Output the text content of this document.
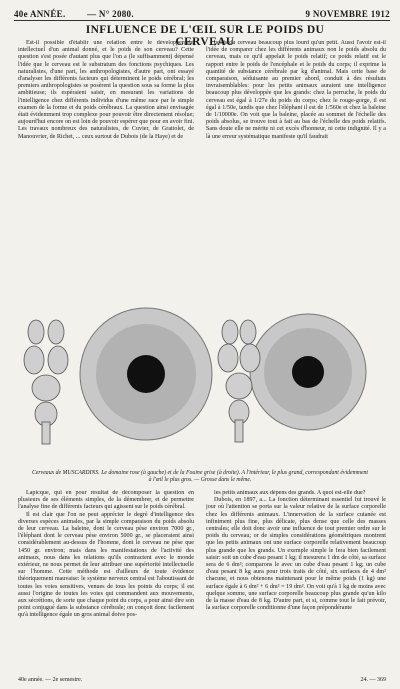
40e ANNÉE. — N° 2080.	9 NOVEMBRE 1912
INFLUENCE DE L'ŒIL SUR LE POIDS DU CERVEAU

Est-il possible d'établir une relation entre le développement intellectuel d'un animal donné, et le poids de son cerveau? Cette question s'est posée d'autant plus que l'on a (le suffisamment) dépensé l'idée que le cerveau est le substratum des fonctions psychiques. Les naturalistes, d'une part, les anthropologistes, d'autre part, ont essayé d'analyser les différents facteurs qui déterminent le poids cérébral; les premiers anthropologistes se posèrent la question sous sa forme la plus ambitieuse; ils espéraient saisir, en mesurant les variations de l'intelligence chez différents individus d'une même race par le simple examen de la forme et du poids cérébraux. La question ainsi envisagée était évidemment trop complexe pour pouvoir être directement résolue; aujourd'hui encore on est loin de pouvoir espérer que pour en avoir fini. Les travaux nombreux des naturalistes, de Cuvier, de Gratiolet, de Manouvrier, de Richet, ... ceux surtout de Dubois (de la Haye) et de

poids du cerveau beaucoup plus lourd qu'un petit. Aussi l'avoir est-il l'idée de comparer chez les différents animaux non le poids absolu du cerveau, mais ce qu'il appelait le poids relatif; ce poids relatif est le rapport entre le poids de l'encéphale et le poids du corps; il exprime la quantité de substance cérébrale par kg d'animal. Mais cette base de comparaison, séduisante au premier abord, conduit à des résultats invraisemblables: pour les petits animaux auraient une intelligence beaucoup plus développée que les grands: chez la perruche, le poids du cerveau est égal à 1/27e du poids du corps; chez le rouge-gorge, il est égal à 1/50e, tandis que chez l'éléphant il est de 1/560e et chez la baleine de 1/10000e. On voit que la baleine, placée au sommet de l'échelle des poids absolus, se trouve tout à fait au bas de l'échelle des poids relatifs. Sans doute elle ne mérite ni cet excès d'honneur, ni cette indignité. Il y a là une erreur systématique manifeste qu'il faudrait

Cerveaux de MUSCARDINS. Le domaine rose (à gauche) et de la Fouine grise (à droite). A l'intérieur, le plus grand, correspondant évidemment à l'œil le plus gros. — Grosse dans le même.

Lapicque, qui en pour résultat de décomposer la question en plusieurs de ses éléments simples, de la démembrer, et de permettre l'analyse fine de différents facteurs qui agissent sur le poids cérébral.

Il est clair que l'on ne peut apprécier le degré d'intelligence des diverses espèces animales, par la simple comparaison du poids absolu de leur cerveau. La baleine, dont le cerveau pèse environ 7000 gr., l'éléphant dont le cerveau pèse environ 5000 gr., se placeraient ainsi considérablement au-dessus de l'homme, dont le cerveau ne pèse que 1450 gr. environ; mais dans les manifestations de l'activité des animaux, nous dans les relations qu'ils contractent avec le monde extérieur, ne nous permet de leur attribuer une supériorité intellectuelle sur l'homme. Cette méthode est d'ailleurs de toute évidence théoriquement mauvaise: le système nerveux central est l'aboutissant de toutes les voies sensitives, venues de tous les points du corps; il est aussi l'origine de toutes les voies qui commandent aux mouvements, aux sécrétions, de sorte que chaque point du corps, a pour ainsi dire son point conjugué dans la substance cérébrale; on conçoit donc facilement qu'à intelligence égale un gros animal doive pos-

les petits animaux aux dépens des grands. A quoi est-elle due?

Dubois, en 1897, a... La fonction déterminant essentiel fut trouvé le jour où l'attention se porta sur la valeur relative de la surface corporelle chez les différents animaux. L'innervation de la surface cutanée est infiniment plus fine, plus délicate, plus dense que celle des masses centrales; elle doit donc avoir une influence de tout premier ordre sur le poids du cerveau; or de simples considérations géométriques montrent que les petits animaux ont une surface corporelle relativement beaucoup plus grande que les grands. Un exemple simple le fera bien facilement saisir: soit un cube d'eau pesant 1 kg; il mesurera 1 dm de côté, sa surface sera de 6 dm²; comparons le avec un cube d'eau pesant 1 kg; un cube d'eau pesant 8 kg aura pour trois traits de côté, six surfaces de 4 dm² chacune, et nous obtenons maintenant pour le même poids (1 kg) une surface égale à 6 dm² + 6 dm² = 19 dm². On voit qu'à 1 kg de moins avec quelque somme, une surface corporelle beaucoup plus grande qu'un kilo de la masse d'eau de 8 kg. D'autre part, et si, comme tout le fait prévoir, la surface corporelle conditionne d'une façon prépondérante

40e année. — 2e semestre.	24. — 369
